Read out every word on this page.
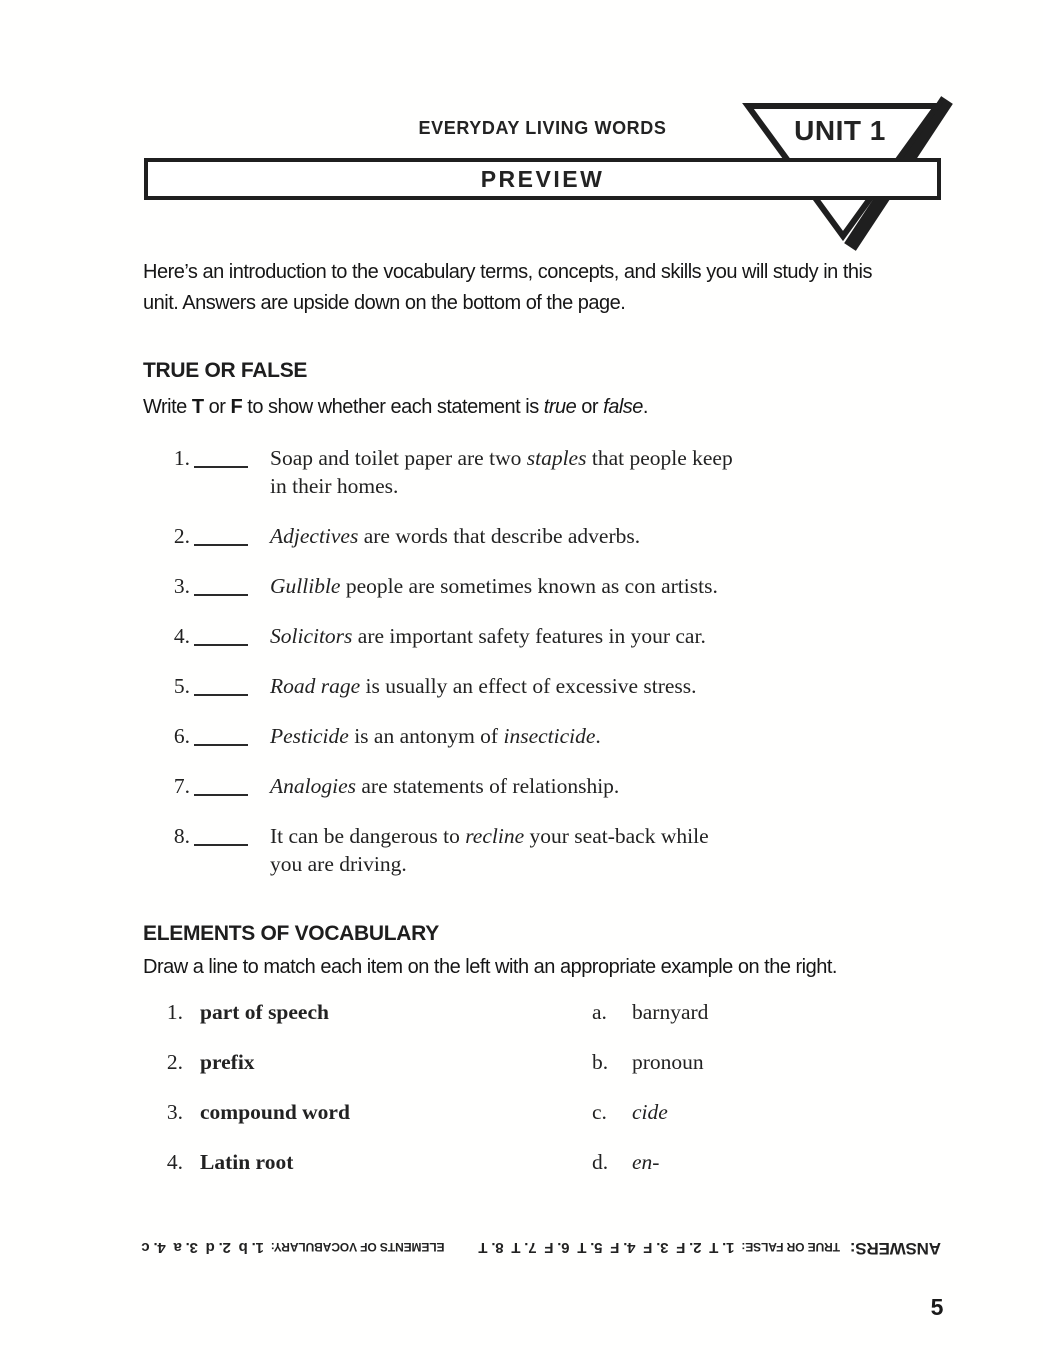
EVERYDAY LIVING WORDS	UNIT 1
PREVIEW
Here’s an introduction to the vocabulary terms, concepts, and skills you will study in this unit. Answers are upside down on the bottom of the page.
TRUE OR FALSE
Write T or F to show whether each statement is true or false.
1.	Soap and toilet paper are two staples that people keep
in their homes.
2.	Adjectives are words that describe adverbs.
3.	Gullible people are sometimes known as con artists.
4.	Solicitors are important safety features in your car.
5.	Road rage is usually an effect of excessive stress.
6.	Pesticide is an antonym of insecticide.
7.	Analogies are statements of relationship.
8.	It can be dangerous to recline your seat-back while
you are driving.
ELEMENTS OF VOCABULARY
Draw a line to match each item on the left with an appropriate example on the right.
1. part of speech	a.	barnyard
2. prefix	b.	pronoun
3. compound word	c.	cide
4. Latin root	d.	en-
ANSWERS:
TRUE OR FALSE:
1. T  2. F  3. F  4. F  5. T  6. F  7. T  8. T
ELEMENTS OF VOCABULARY:
1. b  2. d  3. a  4. c
5
